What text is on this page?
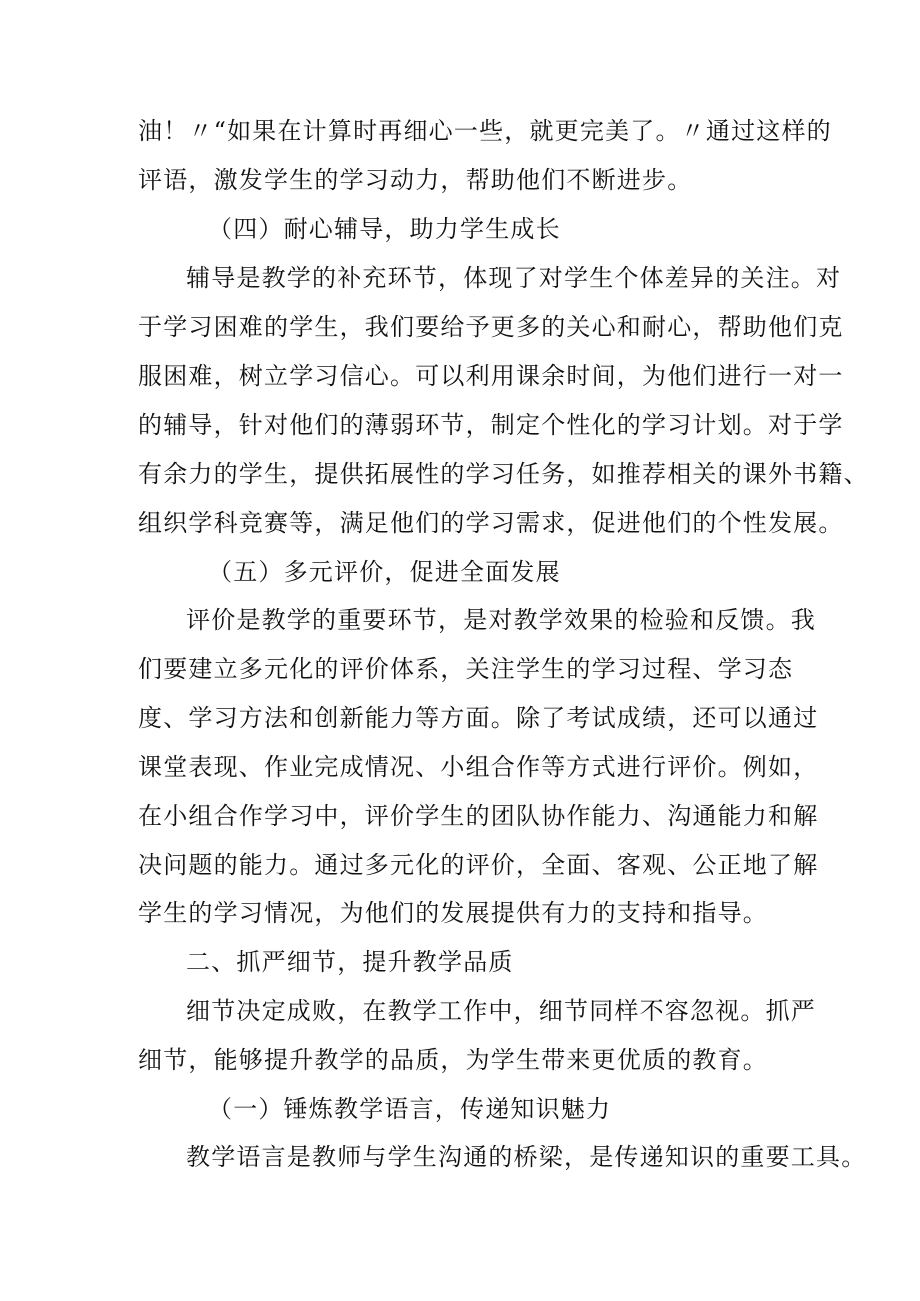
油！〃“如果在计算时再细心一些，就更完美了。〃通过这样的
评语，激发学生的学习动力，帮助他们不断进步。
（四）耐心辅导，助力学生成长
辅导是教学的补充环节，体现了对学生个体差异的关注。对
于学习困难的学生，我们要给予更多的关心和耐心，帮助他们克
服困难，树立学习信心。可以利用课余时间，为他们进行一对一
的辅导，针对他们的薄弱环节，制定个性化的学习计划。对于学
有余力的学生，提供拓展性的学习任务，如推荐相关的课外书籍、
组织学科竞赛等，满足他们的学习需求，促进他们的个性发展。
（五）多元评价，促进全面发展
评价是教学的重要环节，是对教学效果的检验和反馈。我
们要建立多元化的评价体系，关注学生的学习过程、学习态
度、学习方法和创新能力等方面。除了考试成绩，还可以通过
课堂表现、作业完成情况、小组合作等方式进行评价。例如，
在小组合作学习中，评价学生的团队协作能力、沟通能力和解
决问题的能力。通过多元化的评价，全面、客观、公正地了解
学生的学习情况，为他们的发展提供有力的支持和指导。
二、抓严细节，提升教学品质
细节决定成败，在教学工作中，细节同样不容忽视。抓严
细节，能够提升教学的品质，为学生带来更优质的教育。
（一）锤炼教学语言，传递知识魅力
教学语言是教师与学生沟通的桥梁，是传递知识的重要工具。
